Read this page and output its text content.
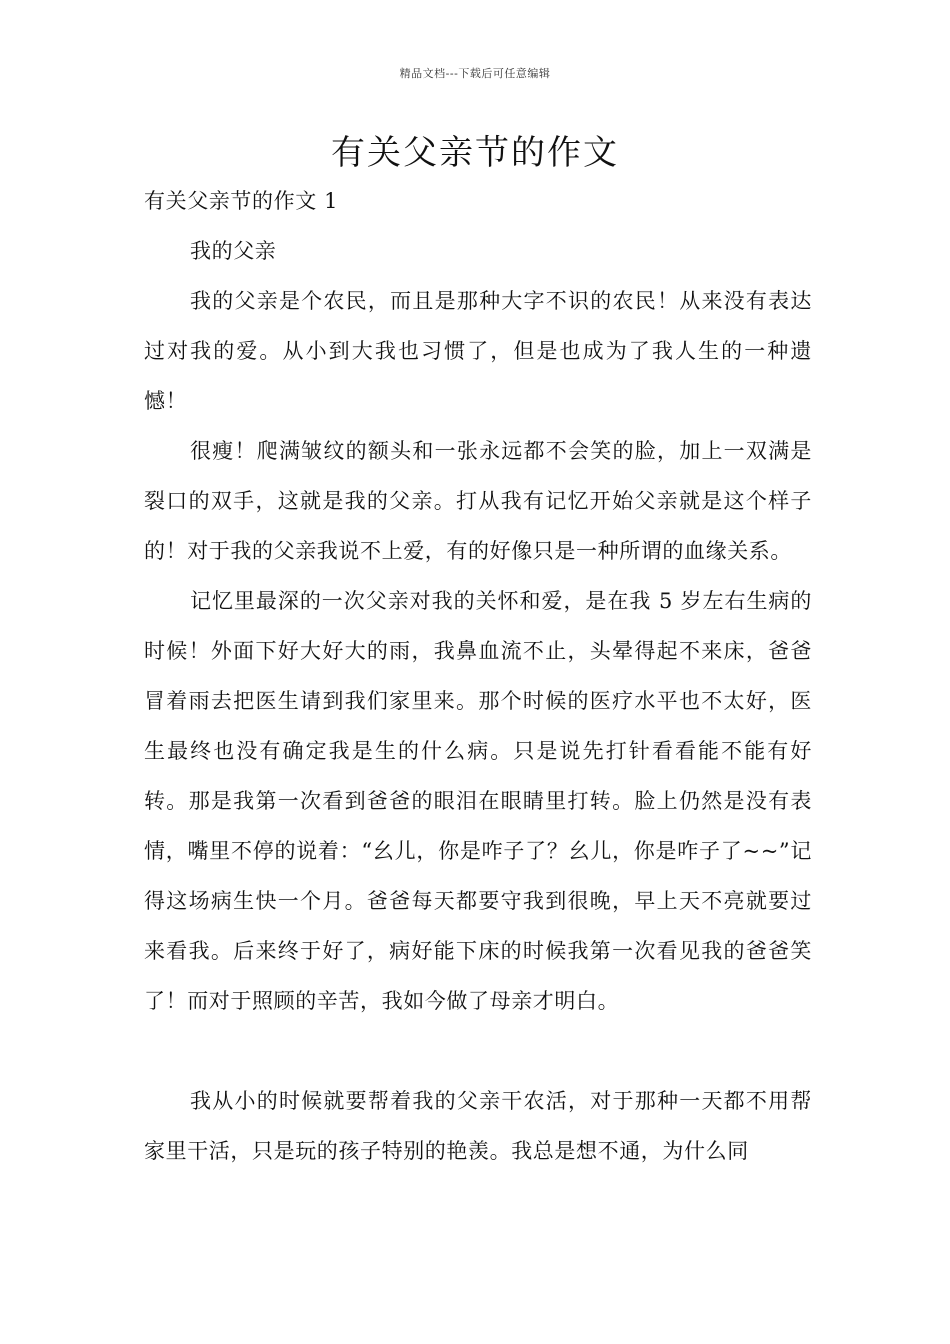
精品文档---下载后可任意编辑
有关父亲节的作文

有关父亲节的作文 1

我的父亲

我的父亲是个农民，而且是那种大字不识的农民！从来没有表达过对我的爱。从小到大我也习惯了，但是也成为了我人生的一种遗憾！

很瘦！爬满皱纹的额头和一张永远都不会笑的脸，加上一双满是裂口的双手，这就是我的父亲。打从我有记忆开始父亲就是这个样子的！对于我的父亲我说不上爱，有的好像只是一种所谓的血缘关系。

记忆里最深的一次父亲对我的关怀和爱，是在我 5 岁左右生病的时候！外面下好大好大的雨，我鼻血流不止，头晕得起不来床，爸爸冒着雨去把医生请到我们家里来。那个时候的医疗水平也不太好，医生最终也没有确定我是生的什么病。只是说先打针看看能不能有好转。那是我第一次看到爸爸的眼泪在眼睛里打转。脸上仍然是没有表情，嘴里不停的说着：“幺儿，你是咋子了？幺儿，你是咋子了~~”记得这场病生快一个月。爸爸每天都要守我到很晚，早上天不亮就要过来看我。后来终于好了，病好能下床的时候我第一次看见我的爸爸笑了！而对于照顾的辛苦，我如今做了母亲才明白。

我从小的时候就要帮着我的父亲干农活，对于那种一天都不用帮家里干活，只是玩的孩子特别的艳羡。我总是想不通，为什么同
